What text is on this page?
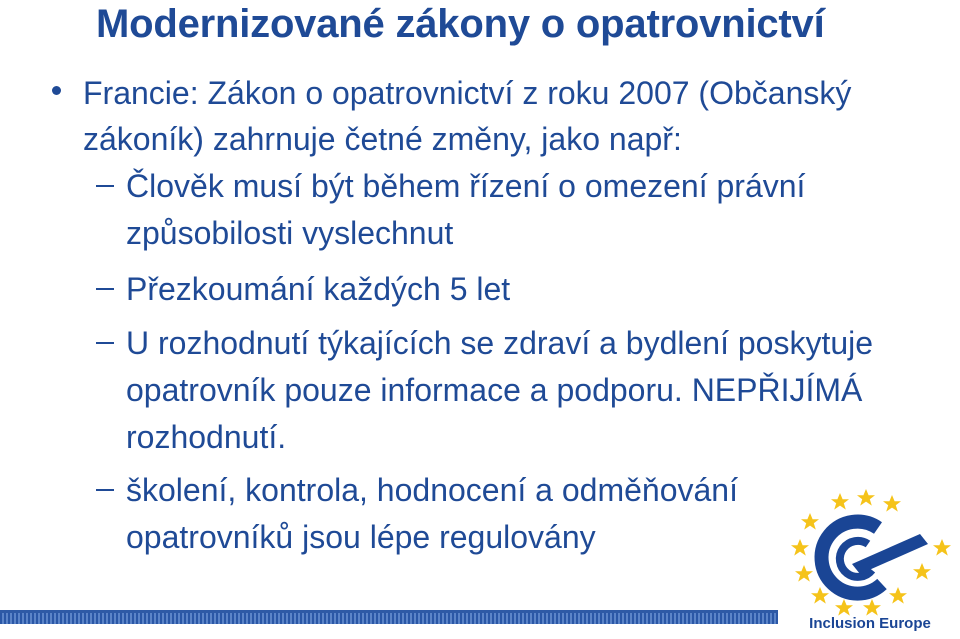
Modernizované zákony o opatrovnictví
Francie: Zákon o opatrovnictví z roku 2007 (Občanský zákoník) zahrnuje četné změny, jako např:
Člověk musí být během řízení o omezení právní způsobilosti vyslechnut
Přezkoumání každých 5 let
U rozhodnutí týkajících se zdraví a bydlení poskytuje opatrovník pouze informace a podporu. NEPŘIJÍMÁ rozhodnutí.
školení, kontrola, hodnocení a odměňování opatrovníků jsou lépe regulovány
Inclusion Europe
